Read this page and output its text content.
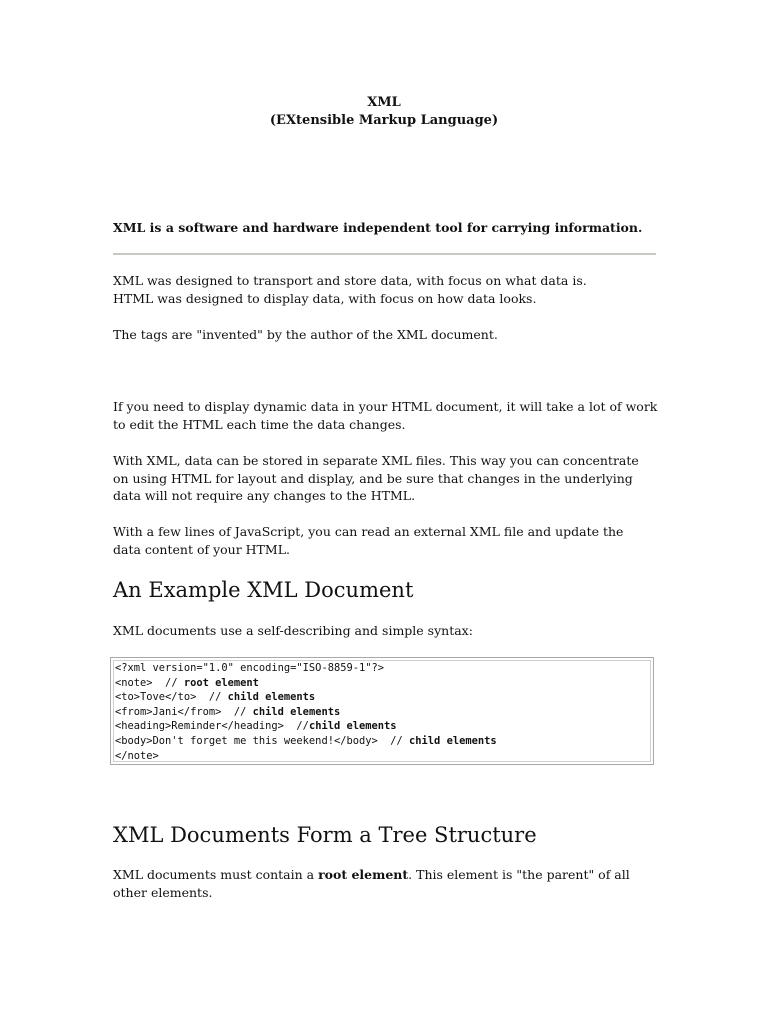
XML
(EXtensible Markup Language)
XML is a software and hardware independent tool for carrying information.
XML was designed to transport and store data, with focus on what data is.
HTML was designed to display data, with focus on how data looks.

The tags are "invented" by the author of the XML document.

If you need to display dynamic data in your HTML document, it will take a lot of work to edit the HTML each time the data changes.

With XML, data can be stored in separate XML files. This way you can concentrate on using HTML for layout and display, and be sure that changes in the underlying data will not require any changes to the HTML.

With a few lines of JavaScript, you can read an external XML file and update the data content of your HTML.

An Example XML Document

XML documents use a self-describing and simple syntax:

<?xml version="1.0" encoding="ISO-8859-1"?>
<note>  // root element
<to>Tove</to>  // child elements
<from>Jani</from>  // child elements
<heading>Reminder</heading>  //child elements
<body>Don't forget me this weekend!</body>  // child elements
</note>
XML Documents Form a Tree Structure

XML documents must contain a root element. This element is "the parent" of all other elements.
